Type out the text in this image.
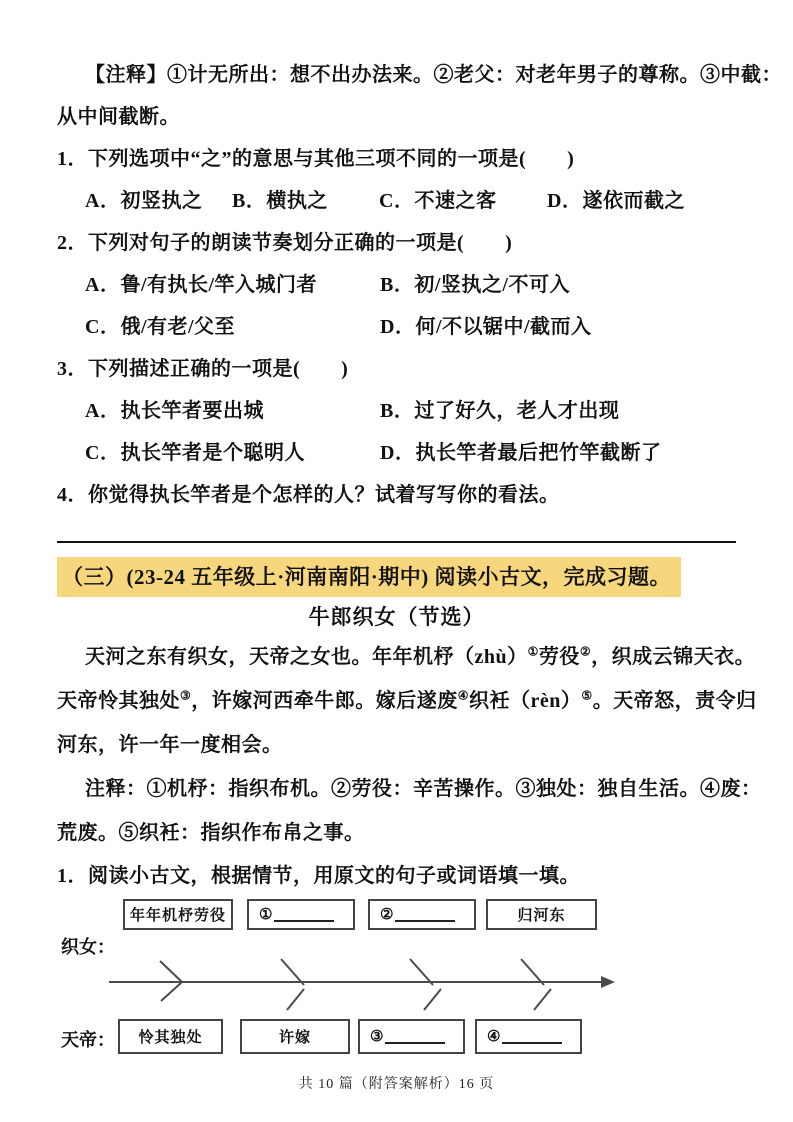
【注释】①计无所出：想不出办法来。②老父：对老年男子的尊称。③中截：

从中间截断。

1．下列选项中“之”的意思与其他三项不同的一项是(　　)

A．初竖执之	B．横执之	C．不速之客	D．遂依而截之

2．下列对句子的朗读节奏划分正确的一项是(　　)

A．鲁/有执长/竿入城门者	B．初/竖执之/不可入
C．俄/有老/父至	D．何/不以锯中/截而入

3．下列描述正确的一项是(　　)

A．执长竿者要出城	B．过了好久，老人才出现
C．执长竿者是个聪明人	D．执长竿者最后把竹竿截断了

4．你觉得执长竿者是个怎样的人？试着写写你的看法。

（三）(23-24 五年级上·河南南阳·期中) 阅读小古文，完成习题。

牛郎织女（节选）

天河之东有织女，天帝之女也。年年机杼（zhù）①劳役②，织成云锦天衣。

天帝怜其独处③，许嫁河西牵牛郎。嫁后遂废④织衽（rèn）⑤。天帝怒，责令归

河东，许一年一度相会。

注释：①机杼：指织布机。②劳役：辛苦操作。③独处：独自生活。④废：

荒废。⑤织衽：指织作布帛之事。

1．阅读小古文，根据情节，用原文的句子或词语填一填。

织女：
天帝：
年年机杼劳役 ①	②	归河东
怜其独处	许嫁	③	④
共 10 篇（附答案解析）16 页
